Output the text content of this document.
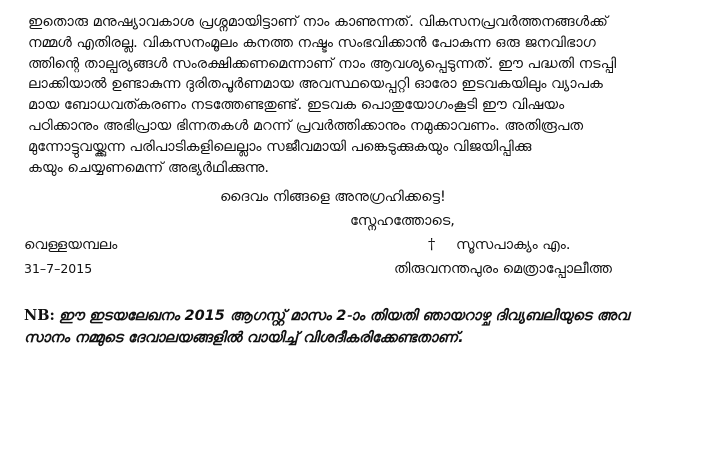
ഇതൊരു മനുഷ്യാവകാശ പ്രശ്നമായിട്ടാണ് നാം കാണുന്നത്. വികസനപ്രവർത്തനങ്ങൾക്ക്
നമ്മൾ എതിരല്ല. വികസനംമൂലം കനത്ത നഷ്ടം സംഭവിക്കാൻ പോകുന്ന ഒരു ജനവിഭാഗ
ത്തിന്റെ താല്പര്യങ്ങൾ സംരക്ഷിക്കണമെന്നാണ് നാം ആവശ്യപ്പെടുന്നത്. ഈ പദ്ധതി നടപ്പി
ലാക്കിയാൽ ഉണ്ടാകുന്ന ദുരിതപൂർണമായ അവസ്ഥയെപ്പറ്റി ഓരോ ഇടവകയിലും വ്യാപക
മായ ബോധവത്കരണം നടത്തേണ്ടതുണ്ട്. ഇടവക പൊതുയോഗംകൂടി ഈ വിഷയം
പഠിക്കാനും അഭിപ്രായ ഭിന്നതകൾ മറന്ന് പ്രവർത്തിക്കാനും നമുക്കാവണം. അതിരൂപത
മുന്നോട്ടുവയ്ക്കുന്ന പരിപാടികളിലെല്ലാം സജീവമായി പങ്കെടുക്കുകയും വിജയിപ്പിക്കു
കയും ചെയ്യണമെന്ന് അഭ്യർഥിക്കുന്നു.
ദൈവം നിങ്ങളെ അനുഗ്രഹിക്കട്ടെ!
സ്നേഹത്തോടെ,
വെള്ളയമ്പലം
31–7–2015
† സൂസപാക്യം എം.
തിരുവനന്തപുരം മെത്രാപ്പോലീത്ത
NB: ഈ ഇടയലേഖനം 2015 ആഗസ്റ്റ് മാസം 2-ാം തിയതി ഞായറാഴ്ച ദിവ്യബലിയുടെ അവ
സാനം നമ്മുടെ ദേവാലയങ്ങളിൽ വായിച്ച് വിശദീകരിക്കേണ്ടതാണ്.
